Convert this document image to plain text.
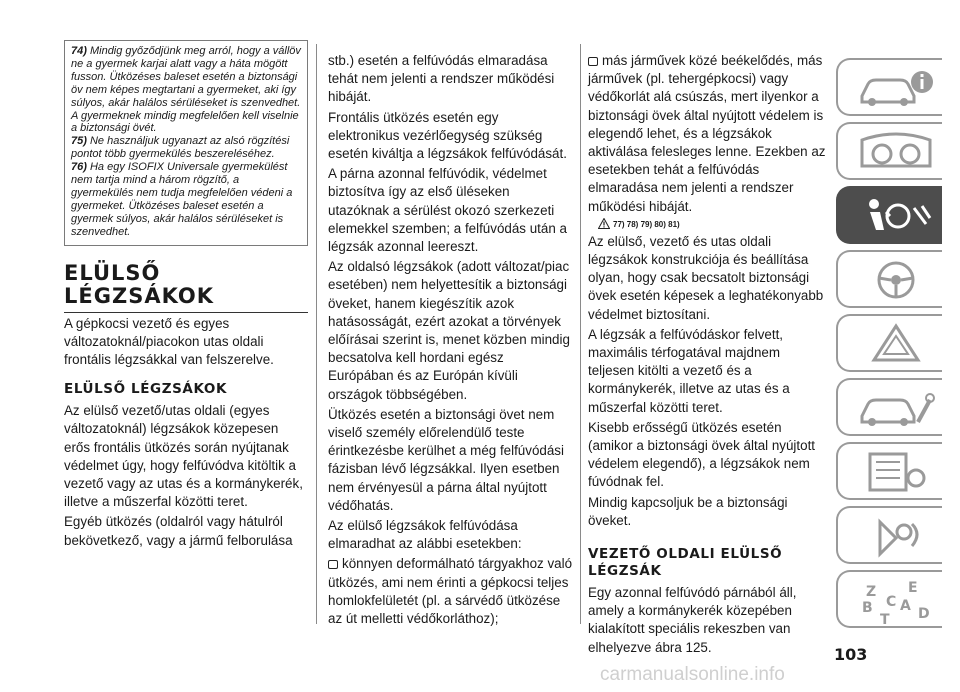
74) Mindig győződjünk meg arról, hogy a vállöv ne a gyermek karjai alatt vagy a háta mögött fusson. Ütközéses baleset esetén a biztonsági öv nem képes megtartani a gyermeket, aki így súlyos, akár halálos sérüléseket is szenvedhet. A gyermeknek mindig megfelelően kell viselnie a biztonsági övét.

75) Ne használjuk ugyanazt az alsó rögzítési pontot több gyermekülés beszereléséhez.

76) Ha egy ISOFIX Universale gyermekülést nem tartja mind a három rögzítő, a gyermekülés nem tudja megfelelően védeni a gyermeket. Ütközéses baleset esetén a gyermek súlyos, akár halálos sérüléseket is szenvedhet.

ELÜLSŐ LÉGZSÁKOK

A gépkocsi vezető és egyes változatoknál/piacokon utas oldali frontális légzsákkal van felszerelve.

ELÜLSŐ LÉGZSÁKOK

Az elülső vezető/utas oldali (egyes változatoknál) légzsákok közepesen erős frontális ütközés során nyújtanak védelmet úgy, hogy felfúvódva kitöltik a vezető vagy az utas és a kormánykerék, illetve a műszerfal közötti teret.

Egyéb ütközés (oldalról vagy hátulról bekövetkező, vagy a jármű felborulása

stb.) esetén a felfúvódás elmaradása tehát nem jelenti a rendszer működési hibáját.

Frontális ütközés esetén egy elektronikus vezérlőegység szükség esetén kiváltja a légzsákok felfúvódását.

A párna azonnal felfúvódik, védelmet biztosítva így az első üléseken utazóknak a sérülést okozó szerkezeti elemekkel szemben; a felfúvódás után a légzsák azonnal leereszt.

Az oldalsó légzsákok (adott változat/piac esetében) nem helyettesítik a biztonsági öveket, hanem kiegészítik azok hatásosságát, ezért azokat a törvények előírásai szerint is, menet közben mindig becsatolva kell hordani egész Európában és az Európán kívüli országok többségében.

Ütközés esetén a biztonsági övet nem viselő személy előrelendülő teste érintkezésbe kerülhet a még felfúvódási fázisban lévő légzsákkal. Ilyen esetben nem érvényesül a párna által nyújtott védőhatás.

Az elülső légzsákok felfúvódása elmaradhat az alábbi esetekben:

könnyen deformálható tárgyakhoz való ütközés, ami nem érinti a gépkocsi teljes homlokfelületét (pl. a sárvédő ütközése az út melletti védőkorláthoz);

más járművek közé beékelődés, más járművek (pl. tehergépkocsi) vagy védőkorlát alá csúszás, mert ilyenkor a biztonsági övek által nyújtott védelem is elegendő lehet, és a légzsákok aktiválása felesleges lenne. Ezekben az esetekben tehát a felfúvódás elmaradása nem jelenti a rendszer működési hibáját.

77) 78) 79) 80) 81)

Az elülső, vezető és utas oldali légzsákok konstrukciója és beállítása olyan, hogy csak becsatolt biztonsági övek esetén képesek a leghatékonyabb védelmet biztosítani.

A légzsák a felfúvódáskor felvett, maximális térfogatával majdnem teljesen kitölti a vezető és a kormánykerék, illetve az utas és a műszerfal közötti teret.

Kisebb erősségű ütközés esetén (amikor a biztonsági övek által nyújtott védelem elegendő), a légzsákok nem fúvódnak fel.

Mindig kapcsoljuk be a biztonsági öveket.

VEZETŐ OLDALI ELÜLSŐ LÉGZSÁK

Egy azonnal felfúvódó párnából áll, amely a kormánykerék közepében kialakított speciális rekeszben van elhelyezve ábra 125.

Z E
B C
T
A D
103
carmanualsonline.info
